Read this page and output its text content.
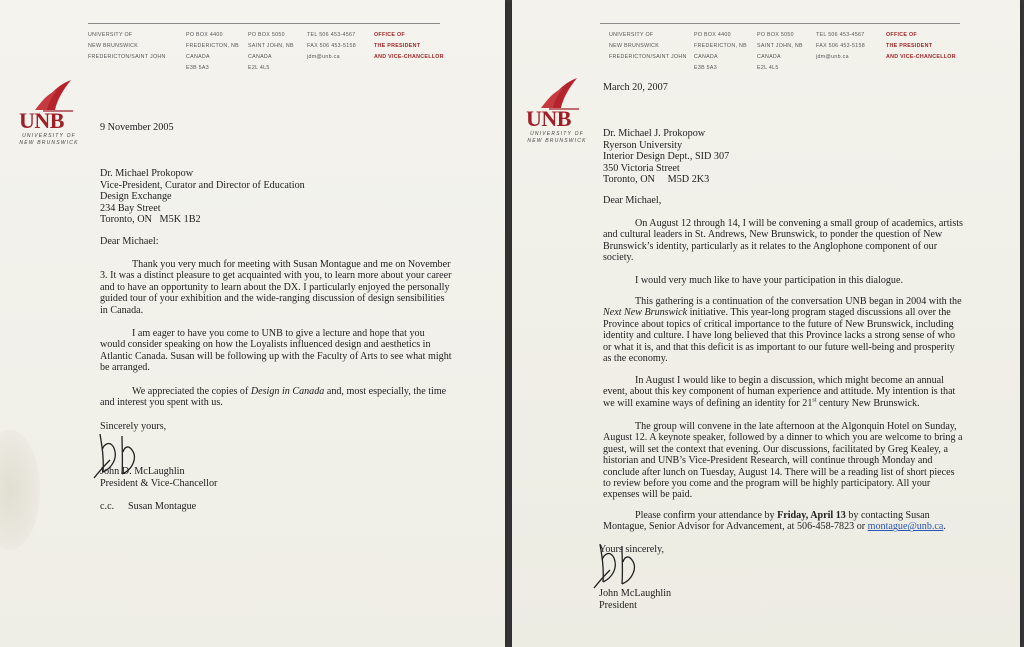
UNIVERSITY OF
NEW BRUNSWICK
FREDERICTON/SAINT JOHN
PO BOX 4400
FREDERICTON, NB
CANADA
E3B 5A3
PO BOX 5050
SAINT JOHN, NB
CANADA
E2L 4L5
TEL 506 453-4567
FAX 506 453-5158
jdm@unb.ca
OFFICE OF
THE PRESIDENT
AND VICE-CHANCELLOR
UNB
UNIVERSITY OF
NEW BRUNSWICK
9 November 2005
Dr. Michael Prokopow
Vice-President, Curator and Director of Education
Design Exchange
234 Bay Street
Toronto, ON   M5K 1B2
Dear Michael:

Thank you very much for meeting with Susan Montague and me on November 3. It was a distinct pleasure to get acquainted with you, to learn more about your career and to have an opportunity to learn about the DX. I particularly enjoyed the personally guided tour of your exhibition and the wide-ranging discussion of design sensibilities in Canada.

I am eager to have you come to UNB to give a lecture and hope that you would consider speaking on how the Loyalists influenced design and aesthetics in Atlantic Canada. Susan will be following up with the Faculty of Arts to see what might be arranged.

We appreciated the copies of Design in Canada and, most especially, the time and interest you spent with us.

Sincerely yours,
John D. McLaughlin
President & Vice-Chancellor
c.c. Susan Montague
UNIVERSITY OF
NEW BRUNSWICK
FREDERICTON/SAINT JOHN
PO BOX 4400
FREDERICTON, NB
CANADA
E3B 5A3
PO BOX 5050
SAINT JOHN, NB
CANADA
E2L 4L5
TEL 506 453-4567
FAX 506 453-5158
jdm@unb.ca
OFFICE OF
THE PRESIDENT
AND VICE-CHANCELLOR
UNB
UNIVERSITY OF
NEW BRUNSWICK
March 20, 2007
Dr. Michael J. Prokopow
Ryerson University
Interior Design Dept., SID 307
350 Victoria Street
Toronto, ON     M5D 2K3
Dear Michael,

On August 12 through 14, I will be convening a small group of academics, artists and cultural leaders in St. Andrews, New Brunswick, to ponder the question of New Brunswick’s identity, particularly as it relates to the Anglophone component of our society.

I would very much like to have your participation in this dialogue.

This gathering is a continuation of the conversation UNB began in 2004 with the Next New Brunswick initiative. This year-long program staged discussions all over the Province about topics of critical importance to the future of New Brunswick, including identity and culture. I have long believed that this Province lacks a strong sense of who or what it is, and that this deficit is as important to our future well-being and prosperity as the economy.

In August I would like to begin a discussion, which might become an annual event, about this key component of human experience and attitude. My intention is that we will examine ways of defining an identity for 21st century New Brunswick.

The group will convene in the late afternoon at the Algonquin Hotel on Sunday, August 12. A keynote speaker, followed by a dinner to which you are welcome to bring a guest, will set the context that evening. Our discussions, facilitated by Greg Kealey, a historian and UNB’s Vice-President Research, will continue through Monday and conclude after lunch on Tuesday, August 14. There will be a reading list of short pieces to review before you come and the program will be highly participatory. All your expenses will be paid.

Please confirm your attendance by Friday, April 13 by contacting Susan Montague, Senior Advisor for Advancement, at 506-458-7823 or montague@unb.ca.

Yours sincerely,
John McLaughlin
President
